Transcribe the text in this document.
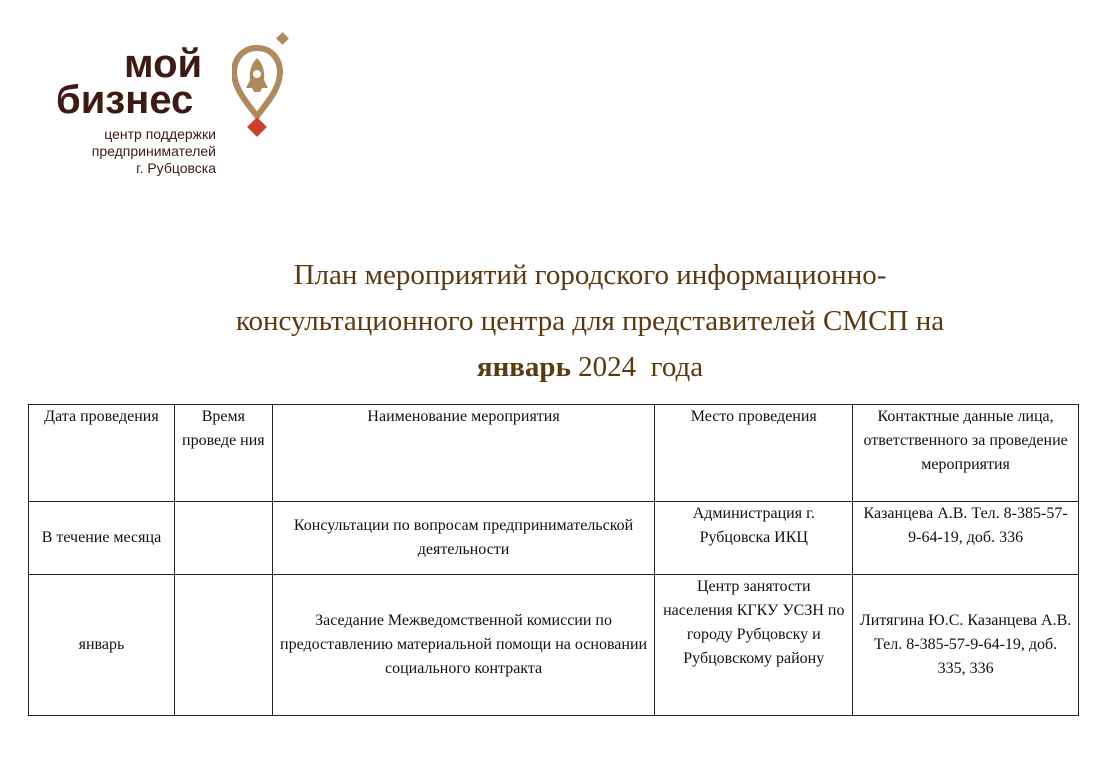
мой
бизнес
центр поддержки
предпринимателей
г. Рубцовска
План мероприятий городского информационно-
консультационного центра для представителей СМСП на
январь 2024  года
Дата проведения	Время проведе ния	Наименование мероприятия	Место проведения	Контактные данные лица, ответственного за проведение мероприятия
В течение месяца		Консультации по вопросам предпринимательской деятельности	Администрация г. Рубцовска ИКЦ	Казанцева А.В. Тел. 8-385-57-9-64-19, доб. 336
январь		Заседание Межведомственной комиссии по предоставлению материальной помощи на основании социального контракта	Центр занятости населения КГКУ УСЗН по городу Рубцовску и Рубцовскому району	Литягина Ю.С. Казанцева А.В. Тел. 8-385-57-9-64-19, доб. 335, 336
